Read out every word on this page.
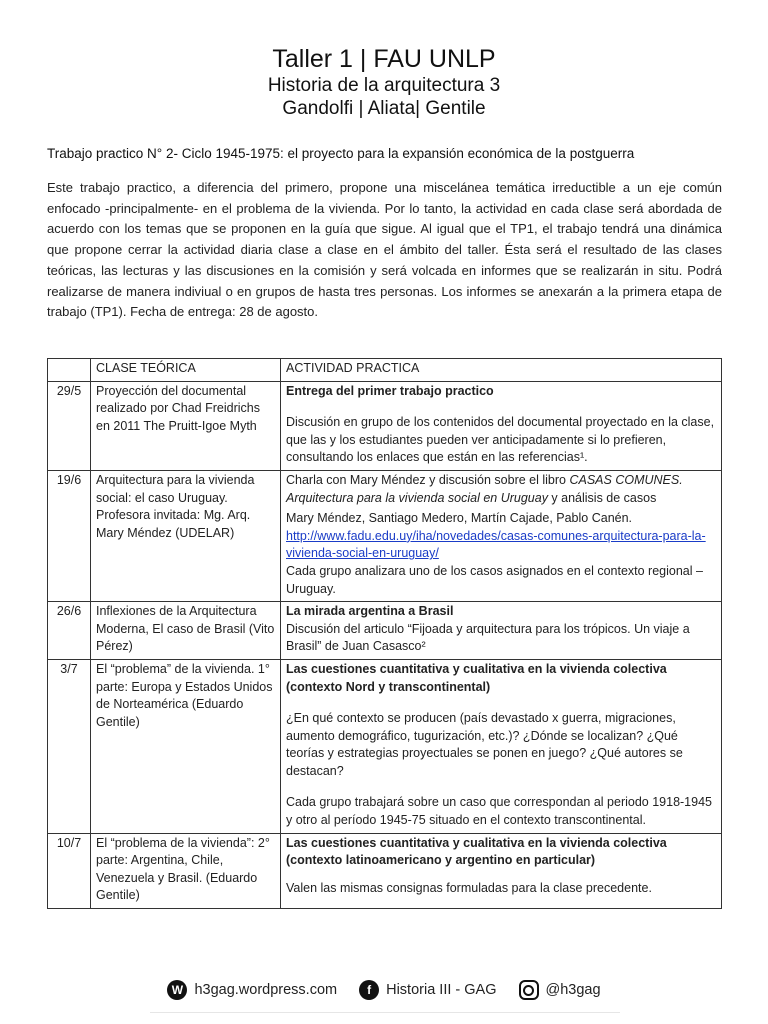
Taller 1 | FAU UNLP
Historia de la arquitectura 3
Gandolfi | Aliata| Gentile
Trabajo practico N° 2- Ciclo 1945-1975: el proyecto para la expansión económica de la postguerra
Este trabajo practico, a diferencia del primero, propone una miscelánea temática irreductible a un eje común enfocado -principalmente- en el problema de la vivienda. Por lo tanto, la actividad en cada clase será abordada de acuerdo con los temas que se proponen en la guía que sigue. Al igual que el TP1, el trabajo tendrá una dinámica que propone cerrar la actividad diaria clase a clase en el ámbito del taller. Ésta será el resultado de las clases teóricas, las lecturas y las discusiones en la comisión y será volcada en informes que se realizarán in situ. Podrá realizarse de manera indiviual o en grupos de hasta tres personas. Los informes se anexarán a la primera etapa de trabajo (TP1). Fecha de entrega: 28 de agosto.
	CLASE TEÓRICA	ACTIVIDAD PRACTICA
29/5	Proyección del documental realizado por Chad Freidrichs en 2011 The Pruitt-Igoe Myth	Entrega del primer trabajo practico
Discusión en grupo de los contenidos del documental proyectado en la clase, que las y los estudiantes pueden ver anticipadamente si lo prefieren, consultando los enlaces que están en las referencias¹.

19/6	Arquitectura para la vivienda social: el caso Uruguay. Profesora invitada: Mg. Arq. Mary Méndez (UDELAR)	Charla con Mary Méndez y discusión sobre el libro CASAS COMUNES. Arquitectura para la vivienda social en Uruguay y análisis de casos
Mary Méndez, Santiago Medero, Martín Cajade, Pablo Canén.
http://www.fadu.edu.uy/iha/novedades/casas-comunes-arquitectura-para-la-vivienda-social-en-uruguay/
Cada grupo analizara uno de los casos asignados en el contexto regional – Uruguay.

26/6	Inflexiones de la Arquitectura Moderna, El caso de Brasil (Vito Pérez)	La mirada argentina a Brasil
Discusión del articulo “Fijoada y arquitectura para los trópicos. Un viaje a Brasil” de Juan Casasco²

3/7	El “problema” de la vivienda. 1° parte: Europa y Estados Unidos de Norteamérica (Eduardo Gentile)	Las cuestiones cuantitativa y cualitativa en la vivienda colectiva (contexto Nord y transcontinental)
¿En qué contexto se producen (país devastado x guerra, migraciones, aumento demográfico, tugurización, etc.)? ¿Dónde se localizan? ¿Qué teorías y estrategias proyectuales se ponen en juego? ¿Qué autores se destacan?
Cada grupo trabajará sobre un caso que correspondan al periodo 1918-1945 y otro al período 1945-75 situado en el contexto transcontinental.

10/7	El “problema de la vivienda”: 2° parte: Argentina, Chile, Venezuela y Brasil. (Eduardo Gentile)	Las cuestiones cuantitativa y cualitativa en la vivienda colectiva (contexto latinoamericano y argentino en particular)
Valen las mismas consignas formuladas para la clase precedente.
W h3gag.wordpress.com	f	Historia III - GAG	@h3gag
